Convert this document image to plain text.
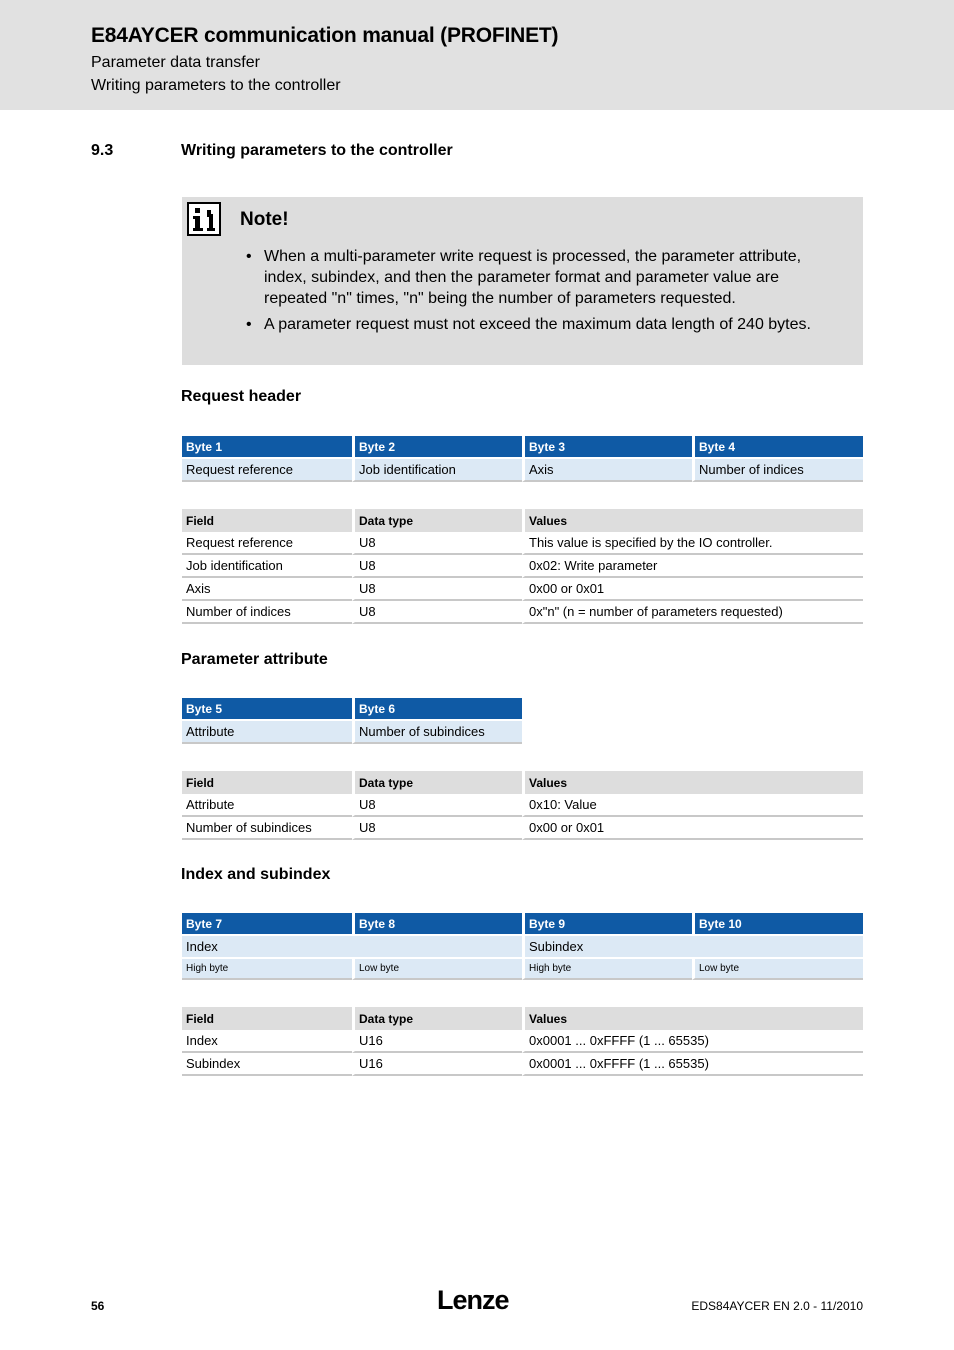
E84AYCER communication manual (PROFINET)
Parameter data transfer
Writing parameters to the controller
9.3	Writing parameters to the controller
Note!
• When a multi-parameter write request is processed, the parameter attribute, index, subindex, and then the parameter format and parameter value are repeated "n" times, "n" being the number of parameters requested.
• A parameter request must not exceed the maximum data length of 240 bytes.
Request header
Byte 1	Byte 2	Byte 3	Byte 4
Request reference	Job identification	Axis	Number of indices
Field	Data type	Values
Request reference	U8	This value is specified by the IO controller.
Job identification	U8	0x02: Write parameter
Axis	U8	0x00 or 0x01
Number of indices	U8	0x"n" (n = number of parameters requested)
Parameter attribute
Byte 5	Byte 6
Attribute	Number of subindices
Field	Data type	Values
Attribute	U8	0x10: Value
Number of subindices	U8	0x00 or 0x01
Index and subindex
Byte 7	Byte 8	Byte 9	Byte 10
Index		Subindex	
High byte	Low byte	High byte	Low byte
Field	Data type	Values
Index	U16	0x0001 ... 0xFFFF (1 ... 65535)
Subindex	U16	0x0001 ... 0xFFFF (1 ... 65535)
56	Lenze	EDS84AYCER EN 2.0 - 11/2010
